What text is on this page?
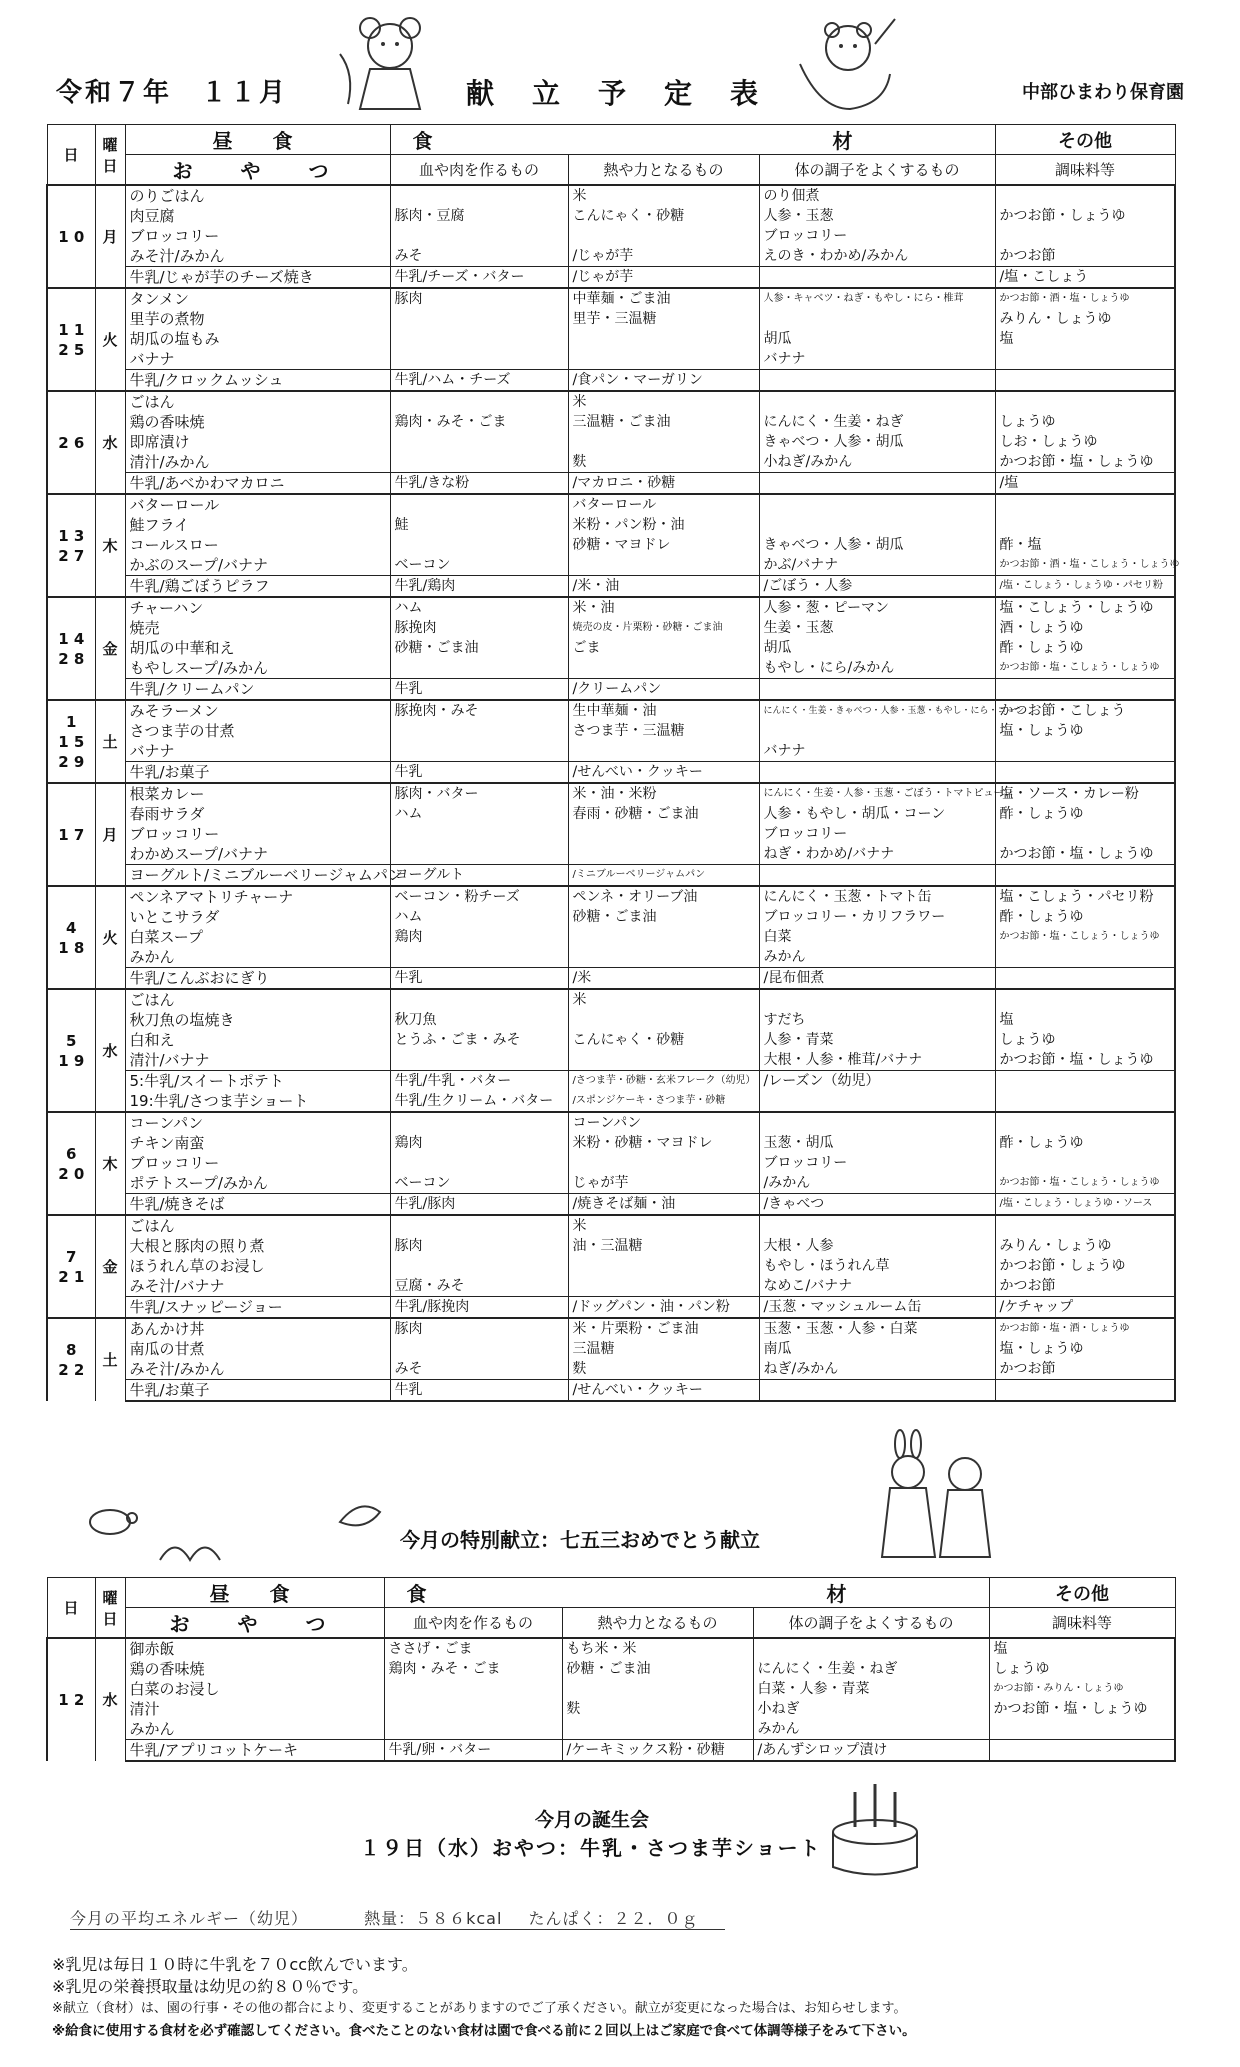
令和７年　１１月	献立予定表	中部ひまわり保育園
日	曜日	昼　食	食　　材			その他
		お　や　つ	血や肉を作るもの	熱や力となるもの	体の調子をよくするもの	調味料等

1 0	月	のりごはん		米	のり佃煮	
		肉豆腐	豚肉・豆腐	こんにゃく・砂糖	人参・玉葱	かつお節・しょうゆ
		ブロッコリー			ブロッコリー	
		みそ汁/みかん	みそ	/じゃが芋	えのき・わかめ/みかん	かつお節
		牛乳/じゃが芋のチーズ焼き	牛乳/チーズ・バター	/じゃが芋		/塩・こしょう

1 1
2 5	火	タンメン	豚肉	中華麺・ごま油	人参・キャベツ・ねぎ・もやし・にら・椎茸	かつお節・酒・塩・しょうゆ
		里芋の煮物		里芋・三温糖		みりん・しょうゆ
		胡瓜の塩もみ			胡瓜	塩
		バナナ			バナナ	
		牛乳/クロックムッシュ	牛乳/ハム・チーズ	/食パン・マーガリン		

2 6	水	ごはん		米		
		鶏の香味焼	鶏肉・みそ・ごま	三温糖・ごま油	にんにく・生姜・ねぎ	しょうゆ
		即席漬け			きゃべつ・人参・胡瓜	しお・しょうゆ
		清汁/みかん		麩	小ねぎ/みかん	かつお節・塩・しょうゆ
		牛乳/あべかわマカロニ	牛乳/きな粉	/マカロニ・砂糖		/塩

1 3
2 7	木	バターロール		バターロール		
		鮭フライ	鮭	米粉・パン粉・油		
		コールスロー		砂糖・マヨドレ	きゃべつ・人参・胡瓜	酢・塩
		かぶのスープ/バナナ	ベーコン		かぶ/バナナ	かつお節・酒・塩・こしょう・しょうゆ
		牛乳/鶏ごぼうピラフ	牛乳/鶏肉	/米・油	/ごぼう・人参	/塩・こしょう・しょうゆ・パセリ粉

1 4
2 8	金	チャーハン	ハム	米・油	人参・葱・ピーマン	塩・こしょう・しょうゆ
		焼売	豚挽肉	焼売の皮・片栗粉・砂糖・ごま油	生姜・玉葱	酒・しょうゆ
		胡瓜の中華和え	砂糖・ごま油	ごま	胡瓜	酢・しょうゆ
		もやしスープ/みかん			もやし・にら/みかん	かつお節・塩・こしょう・しょうゆ
		牛乳/クリームパン	牛乳	/クリームパン		

1
1 5
2 9	土	みそラーメン	豚挽肉・みそ	生中華麺・油	にんにく・生姜・きゃべつ・人参・玉葱・もやし・にら・コーン	かつお節・こしょう
		さつま芋の甘煮		さつま芋・三温糖		塩・しょうゆ
		バナナ			バナナ	
		牛乳/お菓子	牛乳	/せんべい・クッキー		

1 7	月	根菜カレー	豚肉・バター	米・油・米粉	にんにく・生姜・人参・玉葱・ごぼう・トマトピューレ	塩・ソース・カレー粉
		春雨サラダ	ハム	春雨・砂糖・ごま油	人参・もやし・胡瓜・コーン	酢・しょうゆ
		ブロッコリー			ブロッコリー	
		わかめスープ/バナナ			ねぎ・わかめ/バナナ	かつお節・塩・しょうゆ
		ヨーグルト/ミニブルーベリージャムパン	ヨーグルト	/ミニブルーベリージャムパン		

4
1 8	火	ペンネアマトリチャーナ	ベーコン・粉チーズ	ペンネ・オリーブ油	にんにく・玉葱・トマト缶	塩・こしょう・パセリ粉
		いとこサラダ	ハム	砂糖・ごま油	ブロッコリー・カリフラワー	酢・しょうゆ
		白菜スープ	鶏肉		白菜	かつお節・塩・こしょう・しょうゆ
		みかん			みかん	
		牛乳/こんぶおにぎり	牛乳	/米	/昆布佃煮	

5
1 9	水	ごはん		米		
		秋刀魚の塩焼き	秋刀魚		すだち	塩
		白和え	とうふ・ごま・みそ	こんにゃく・砂糖	人参・青菜	しょうゆ
		清汁/バナナ			大根・人参・椎茸/バナナ	かつお節・塩・しょうゆ
		5:牛乳/スイートポテト	牛乳/牛乳・バター	/さつま芋・砂糖・玄米フレーク（幼児）	/レーズン（幼児）	
		19:牛乳/さつま芋ショート	牛乳/生クリーム・バター	/スポンジケーキ・さつま芋・砂糖		

6
2 0	木	コーンパン		コーンパン		
		チキン南蛮	鶏肉	米粉・砂糖・マヨドレ	玉葱・胡瓜	酢・しょうゆ
		ブロッコリー			ブロッコリー	
		ポテトスープ/みかん	ベーコン	じゃが芋	/みかん	かつお節・塩・こしょう・しょうゆ
		牛乳/焼きそば	牛乳/豚肉	/焼きそば麺・油	/きゃべつ	/塩・こしょう・しょうゆ・ソース

7
2 1	金	ごはん		米		
		大根と豚肉の照り煮	豚肉	油・三温糖	大根・人参	みりん・しょうゆ
		ほうれん草のお浸し			もやし・ほうれん草	かつお節・しょうゆ
		みそ汁/バナナ	豆腐・みそ		なめこ/バナナ	かつお節
		牛乳/スナッピージョー	牛乳/豚挽肉	/ドッグパン・油・パン粉	/玉葱・マッシュルーム缶	/ケチャップ

8
2 2	土	あんかけ丼	豚肉	米・片栗粉・ごま油	玉葱・玉葱・人参・白菜	かつお節・塩・酒・しょうゆ
		南瓜の甘煮		三温糖	南瓜	塩・しょうゆ
		みそ汁/みかん	みそ	麩	ねぎ/みかん	かつお節
		牛乳/お菓子	牛乳	/せんべい・クッキー		
今月の特別献立：七五三おめでとう献立
日	曜日	昼　食	食　　材			その他
		お　や　つ	血や肉を作るもの	熱や力となるもの	体の調子をよくするもの	調味料等

1 2	水	御赤飯	ささげ・ごま	もち米・米		塩
		鶏の香味焼	鶏肉・みそ・ごま	砂糖・ごま油	にんにく・生姜・ねぎ	しょうゆ
		白菜のお浸し			白菜・人参・青菜	かつお節・みりん・しょうゆ
		清汁		麩	小ねぎ	かつお節・塩・しょうゆ
		みかん			みかん	
		牛乳/アプリコットケーキ	牛乳/卵・バター	/ケーキミックス粉・砂糖	/あんずシロップ漬け	
今月の誕生会
１９日（水）おやつ：牛乳・さつま芋ショート
今月の平均エネルギー（幼児）	熱量：５８６kcal たんぱく：２２．０ｇ
※乳児は毎日１０時に牛乳を７０cc飲んでいます。
※乳児の栄養摂取量は幼児の約８０％です。
※献立（食材）は、園の行事・その他の都合により、変更することがありますのでご了承ください。献立が変更になった場合は、お知らせします。
※給食に使用する食材を必ず確認してください。食べたことのない食材は園で食べる前に２回以上はご家庭で食べて体調等様子をみて下さい。
